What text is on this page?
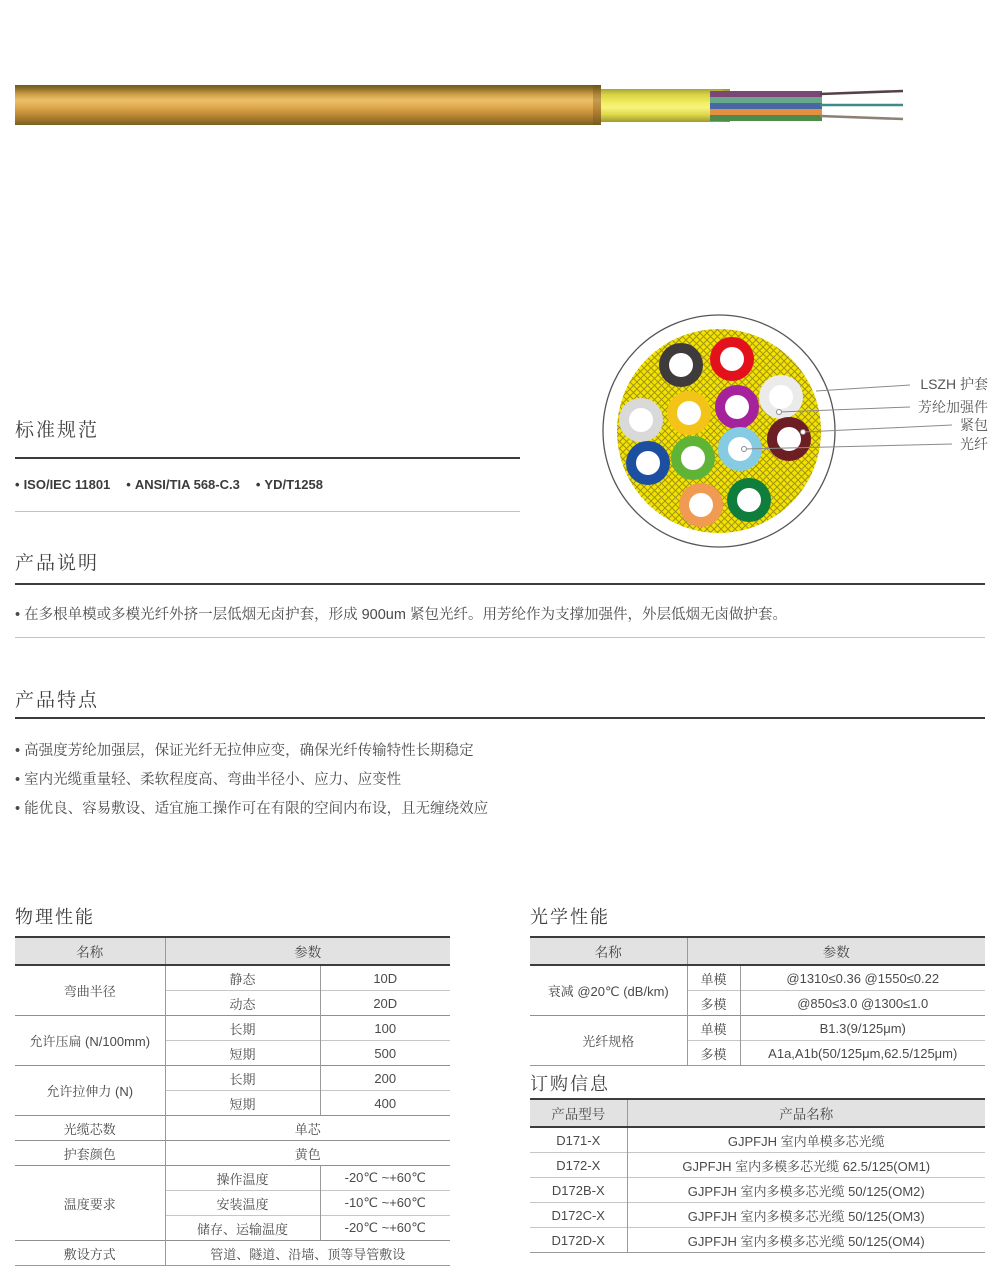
LSZH 护套
芳纶加强件
紧包
光纤
标准规范
• ISO/IEC 11801 • ANSI/TIA 568-C.3 • YD/T1258
产品说明
• 在多根单模或多模光纤外挤一层低烟无卤护套，形成 900um 紧包光纤。用芳纶作为支撑加强件，外层低烟无卤做护套。
产品特点
• 高强度芳纶加强层，保证光纤无拉伸应变，确保光纤传输特性长期稳定
• 室内光缆重量轻、柔软程度高、弯曲半径小、应力、应变性
• 能优良、容易敷设、适宜施工操作可在有限的空间内布设，且无缠绕效应
物理性能
名称	参数	
弯曲半径	静态	10D
	动态	20D
允许压扁 (N/100mm)	长期	100
	短期	500
允许拉伸力 (N)	长期	200
	短期	400
光缆芯数	单芯	
护套颜色	黄色	
温度要求	操作温度	-20℃ ~+60℃
	安装温度	-10℃ ~+60℃
	储存、运输温度	-20℃ ~+60℃
敷设方式	管道、隧道、沿墙、顶等导管敷设	
光学性能
名称	参数	
衰减 @20℃ (dB/km)	单模	@1310≤0.36 @1550≤0.22
	多模	@850≤3.0 @1300≤1.0
光纤规格	单模	B1.3(9/125μm)
	多模	A1a,A1b(50/125μm,62.5/125μm)
订购信息
产品型号	产品名称
D171-X	GJPFJH 室内单模多芯光缆
D172-X	GJPFJH 室内多模多芯光缆 62.5/125(OM1)
D172B-X	GJPFJH 室内多模多芯光缆 50/125(OM2)
D172C-X	GJPFJH 室内多模多芯光缆 50/125(OM3)
D172D-X	GJPFJH 室内多模多芯光缆 50/125(OM4)
